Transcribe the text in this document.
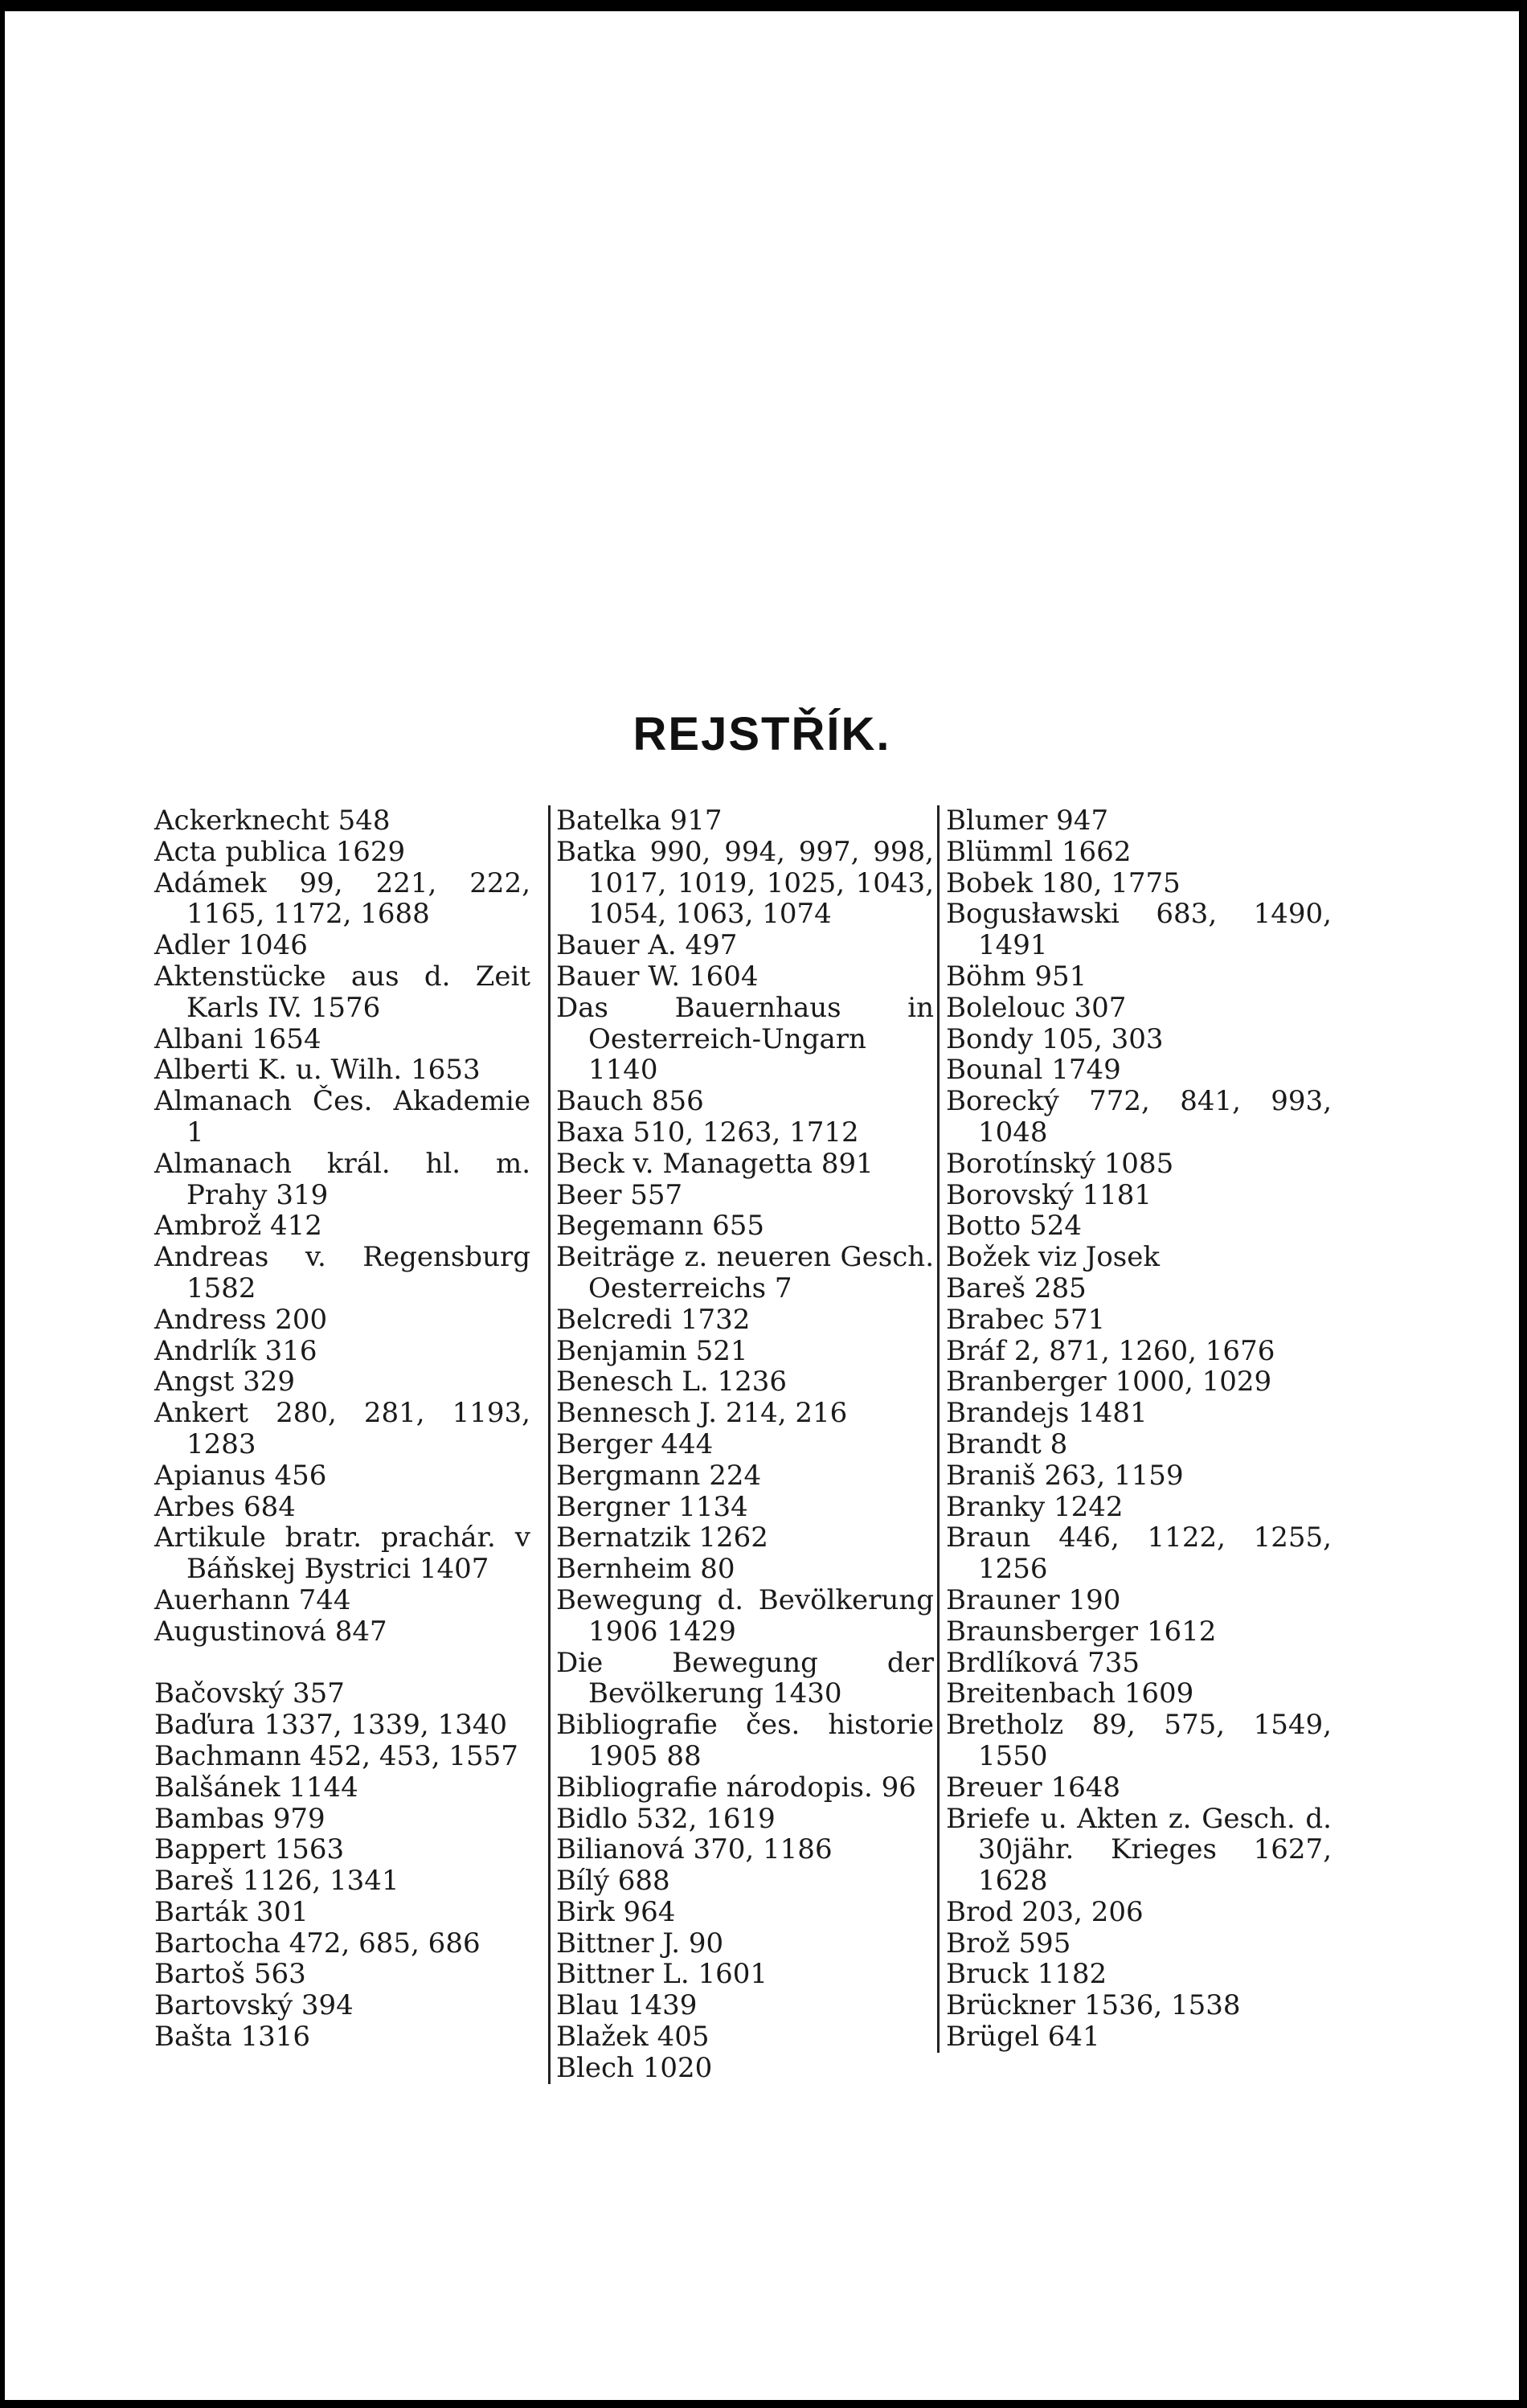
REJSTŘÍK.
Ackerknecht 548
Acta publica 1629
Adámek 99, 221, 222, 1165, 1172, 1688
Adler 1046
Aktenstücke aus d. Zeit Karls IV. 1576
Albani 1654
Alberti K. u. Wilh. 1653
Almanach Čes. Akademie 1
Almanach král. hl. m. Prahy 319
Ambrož 412
Andreas v. Regensburg 1582
Andress 200
Andrlík 316
Angst 329
Ankert 280, 281, 1193, 1283
Apianus 456
Arbes 684
Artikule bratr. prachár. v Báňskej Bystrici 1407
Auerhann 744
Augustinová 847
Bačovský 357
Baďura 1337, 1339, 1340
Bachmann 452, 453, 1557
Balšánek 1144
Bambas 979
Bappert 1563
Bareš 1126, 1341
Barták 301
Bartocha 472, 685, 686
Bartoš 563
Bartovský 394
Bašta 1316
Batelka 917
Batka 990, 994, 997, 998, 1017, 1019, 1025, 1043, 1054, 1063, 1074
Bauer A. 497
Bauer W. 1604
Das Bauernhaus in Oesterreich-Ungarn 1140
Bauch 856
Baxa 510, 1263, 1712
Beck v. Managetta 891
Beer 557
Begemann 655
Beiträge z. neueren Gesch. Oesterreichs 7
Belcredi 1732
Benjamin 521
Benesch L. 1236
Bennesch J. 214, 216
Berger 444
Bergmann 224
Bergner 1134
Bernatzik 1262
Bernheim 80
Bewegung d. Bevölkerung 1906 1429
Die Bewegung der Bevölkerung 1430
Bibliografie čes. historie 1905 88
Bibliografie národopis. 96
Bidlo 532, 1619
Bilianová 370, 1186
Bílý 688
Birk 964
Bittner J. 90
Bittner L. 1601
Blau 1439
Blažek 405
Blech 1020
Blumer 947
Blümml 1662
Bobek 180, 1775
Bogusławski 683, 1490, 1491
Böhm 951
Bolelouc 307
Bondy 105, 303
Bounal 1749
Borecký 772, 841, 993, 1048
Borotínský 1085
Borovský 1181
Botto 524
Božek viz Josek
Bareš 285
Brabec 571
Bráf 2, 871, 1260, 1676
Branberger 1000, 1029
Brandejs 1481
Brandt 8
Braniš 263, 1159
Branky 1242
Braun 446, 1122, 1255, 1256
Brauner 190
Braunsberger 1612
Brdlíková 735
Breitenbach 1609
Bretholz 89, 575, 1549, 1550
Breuer 1648
Briefe u. Akten z. Gesch. d. 30jähr. Krieges 1627, 1628
Brod 203, 206
Brož 595
Bruck 1182
Brückner 1536, 1538
Brügel 641
